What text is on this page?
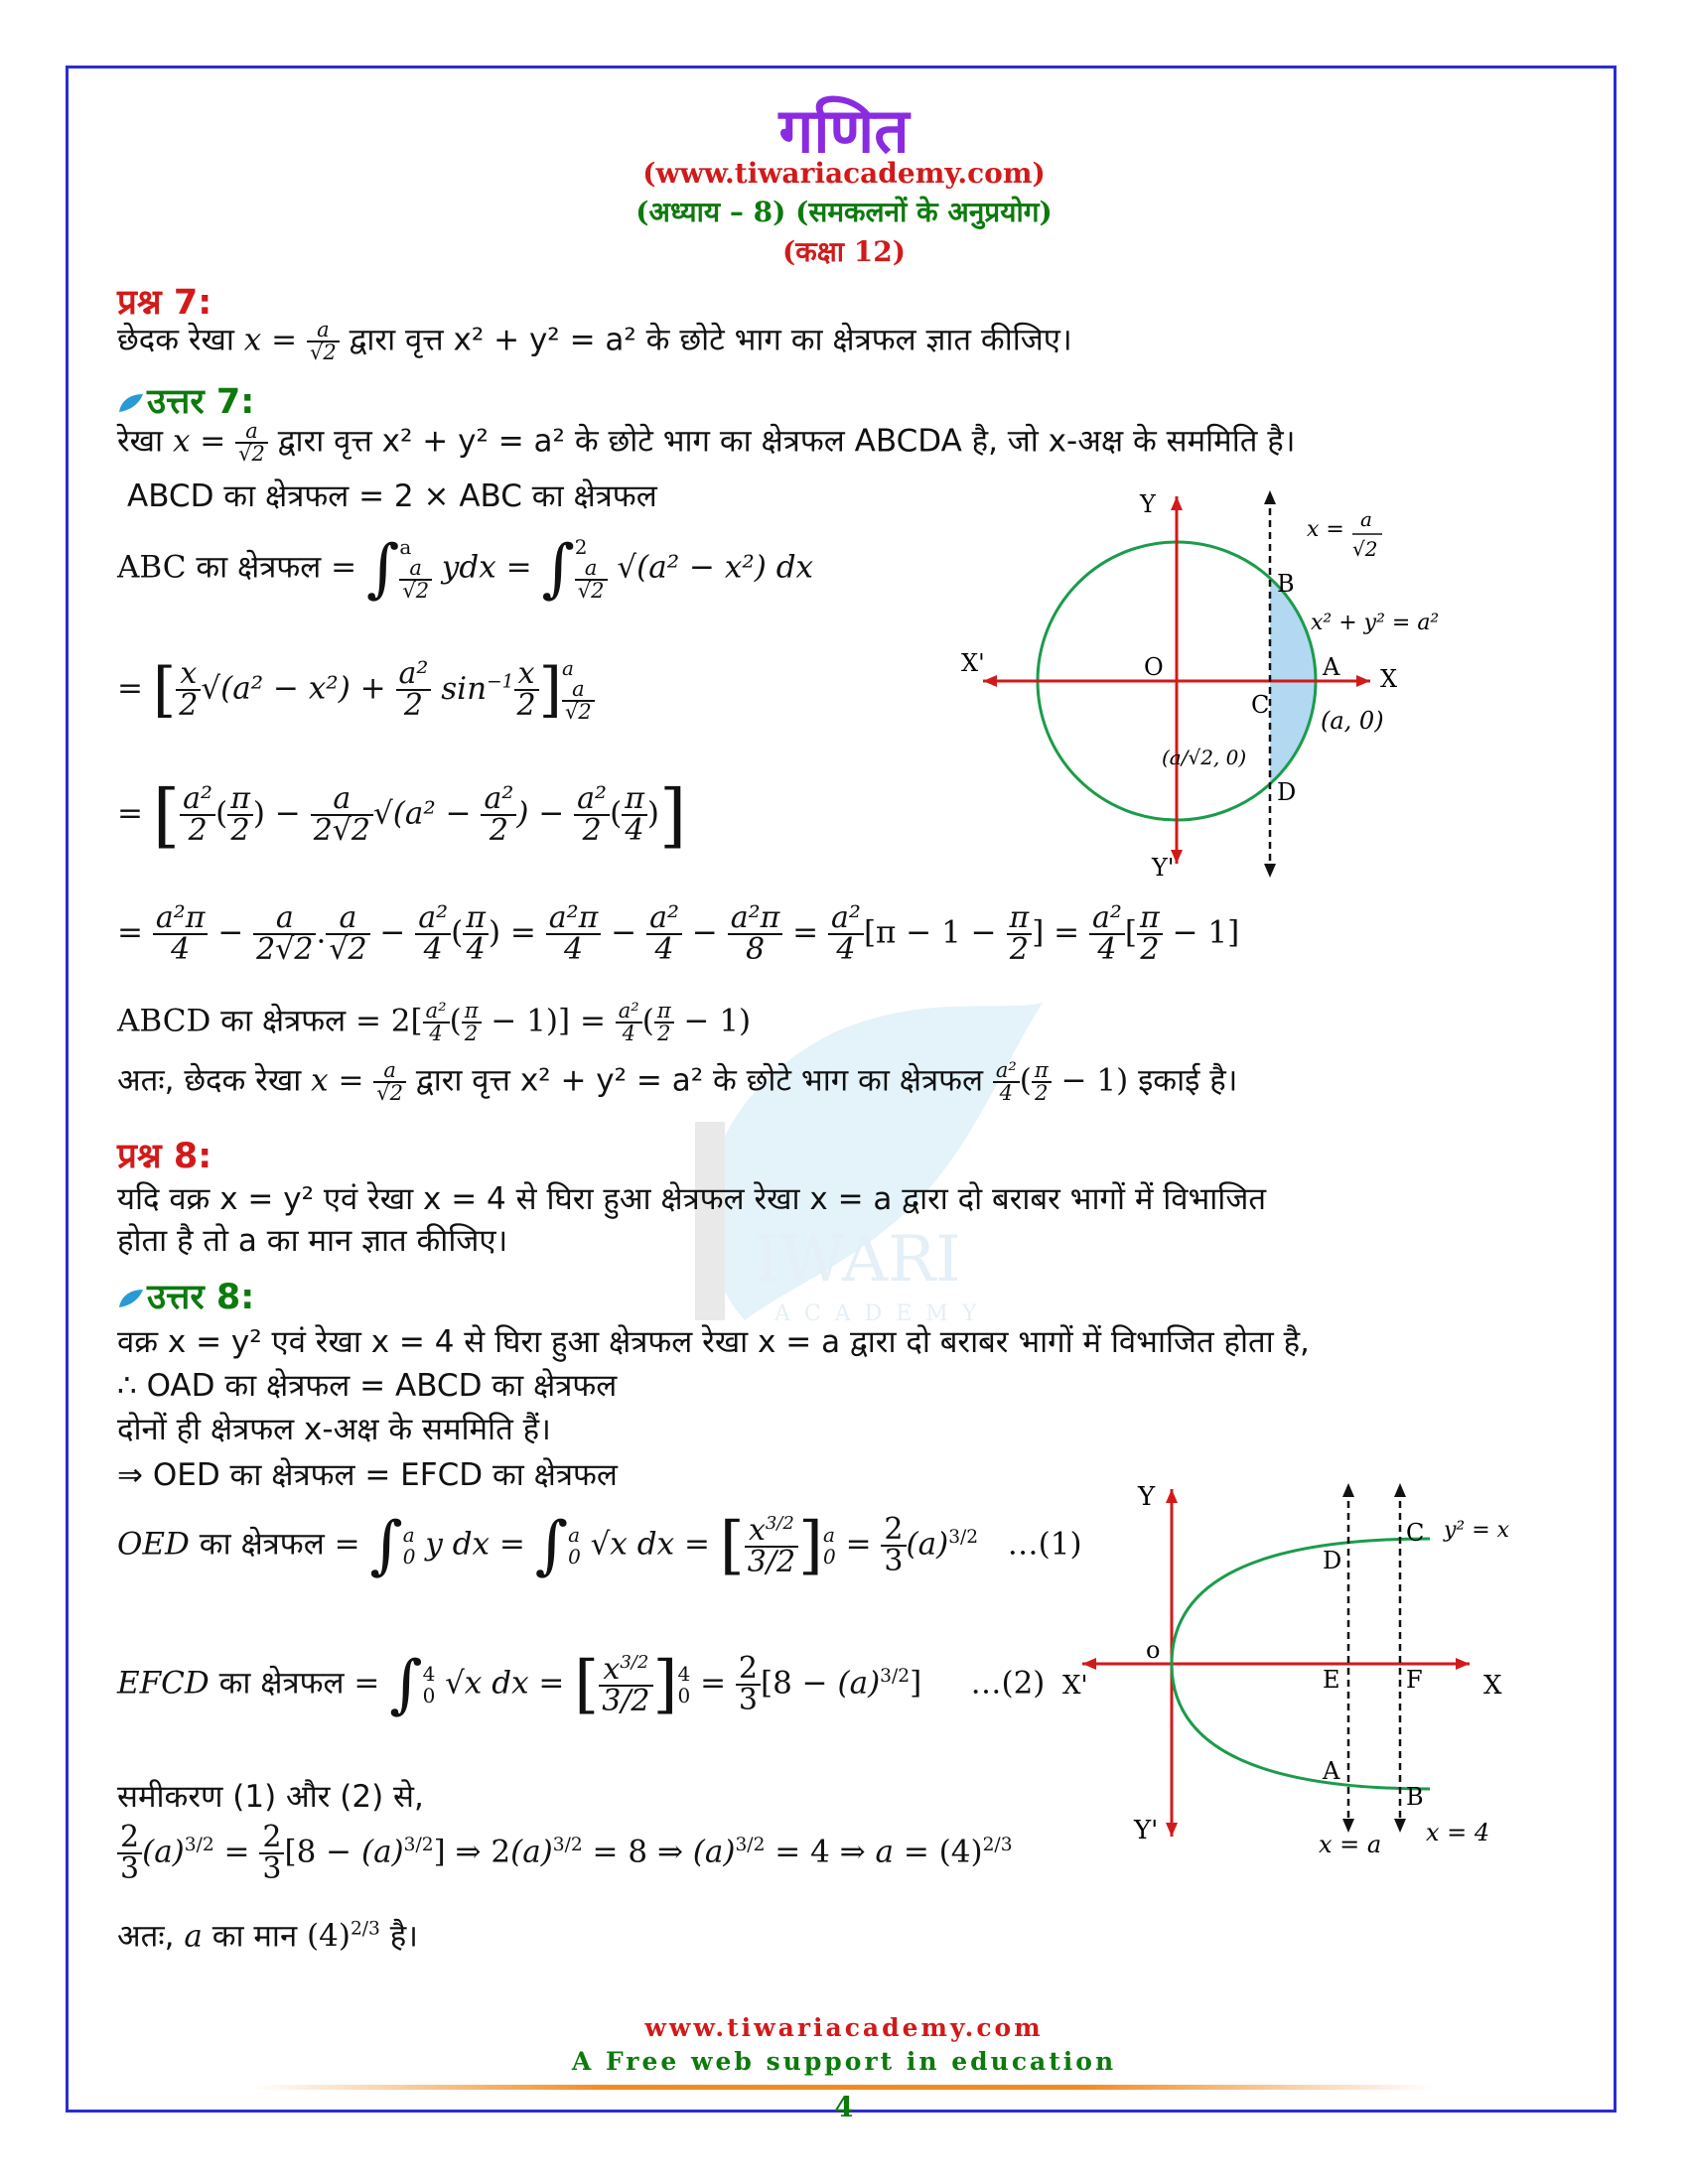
IWARI
ACADEMY
गणित
(www.tiwariacademy.com)
(अध्याय – 8) (समकलनों के अनुप्रयोग)
(कक्षा 12)
प्रश्न 7:
छेदक रेखा $x = \frac{a}{√2}$ द्वारा वृत्त x² + y² = a² के छोटे भाग का क्षेत्रफल ज्ञात कीजिए।
उत्तर 7:
रेखा $x = \frac{a}{√2}$ द्वारा वृत्त x² + y² = a² के छोटे भाग का क्षेत्रफल ABCDA है, जो x-अक्ष के सममिति है।
ABCD का क्षेत्रफल = 2 × ABC का क्षेत्रफल
ABC का क्षेत्रफल = ∫ a
a
√2
ydx = ∫ 2
a
√2
√(a² − x²) dx
= [ $\frac{x}{2} √(a^2 - x^2) + \frac{\text{a²}}{2} \sin^{-1} \frac{x}{2}$ ] a
a
√2
= [ $\frac{\text{a²}}{2}$ ( $\frac{\pi}{2}$ ) − $\frac{a}{2√2} √(a^2 - \frac{\text{a²}}{2}$ ) − $\frac{\text{a²}}{2}$ ( $\frac{\pi}{4}$ )]
= $\frac{\text{a²π}}{4} - \frac{a}{2√2}$ . $\frac{a}{√2} - \frac{\text{a²}}{4}$ ( $\frac{\pi}{4}$ ) = $\frac{\text{a²π}}{4} - \frac{\text{a²}}{4} - \frac{\text{a²π}}{8} = \frac{\text{a²}}{4} [\pi - 1 - \frac{\pi}{2}$ ] = $\frac{\text{a²}}{4}$ [ $\frac{\pi}{2} - 1$]
ABCD का क्षेत्रफल = $2[ \frac{\text{a²}}{4}$ ( $\frac{\pi}{2} - 1)] = \frac{\text{a²}}{4}$ ( $\frac{\pi}{2} - 1$)
अतः, छेदक रेखा $x = \frac{a}{√2}$ द्वारा वृत्त x² + y² = a² के छोटे भाग का क्षेत्रफल $\frac{\text{a²}}{4}$ ( $\frac{\pi}{2} - 1$) इकाई है।
Y
Y'
X
X'	O	A
B
C
D
(a, 0)
(a/√2, 0)
x² + y² = a²
x = a
√2
प्रश्न 8:
यदि वक्र x = y² एवं रेखा x = 4 से घिरा हुआ क्षेत्रफल रेखा x = a द्वारा दो बराबर भागों में विभाजित
होता है तो a का मान ज्ञात कीजिए।
उत्तर 8:
वक्र x = y² एवं रेखा x = 4 से घिरा हुआ क्षेत्रफल रेखा x = a द्वारा दो बराबर भागों में विभाजित होता है,
∴ OAD का क्षेत्रफल = ABCD का क्षेत्रफल
दोनों ही क्षेत्रफल x-अक्ष के सममिति हैं।
⇒ OED का क्षेत्रफल = EFCD का क्षेत्रफल
OED का क्षेत्रफल = ∫ a
0 y dx = ∫ a
0 √x dx = [ $\frac{x^{3/2}}{3/2}$ ] a
$0 = \frac{2}{3} (a)^{3/2}$   …(1)
EFCD का क्षेत्रफल = ∫ 4
0 √x dx = [ $\frac{x^{3/2}}{3/2}$ ] 4
$0 = \frac{2}{3} [8 - (a)^{3/2}]$     …(2)
समीकरण (1) और (2) से,
$\frac{2}{3} (a)^{3/2} = \frac{2}{3} [8 - (a)^{3/2}]$ ⇒ $2(a)^{3/2} = 8$ ⇒ $(a)^{3/2} = 4$ ⇒ $a = (4)^{2/3}$
अतः, a का मान $(4)^{2/3}$ है।
Y
Y'
X
X'
o
D
E
A
C
F
B
y² = x
x = a x = 4
www.tiwariacademy.com
A Free web support in education
4
